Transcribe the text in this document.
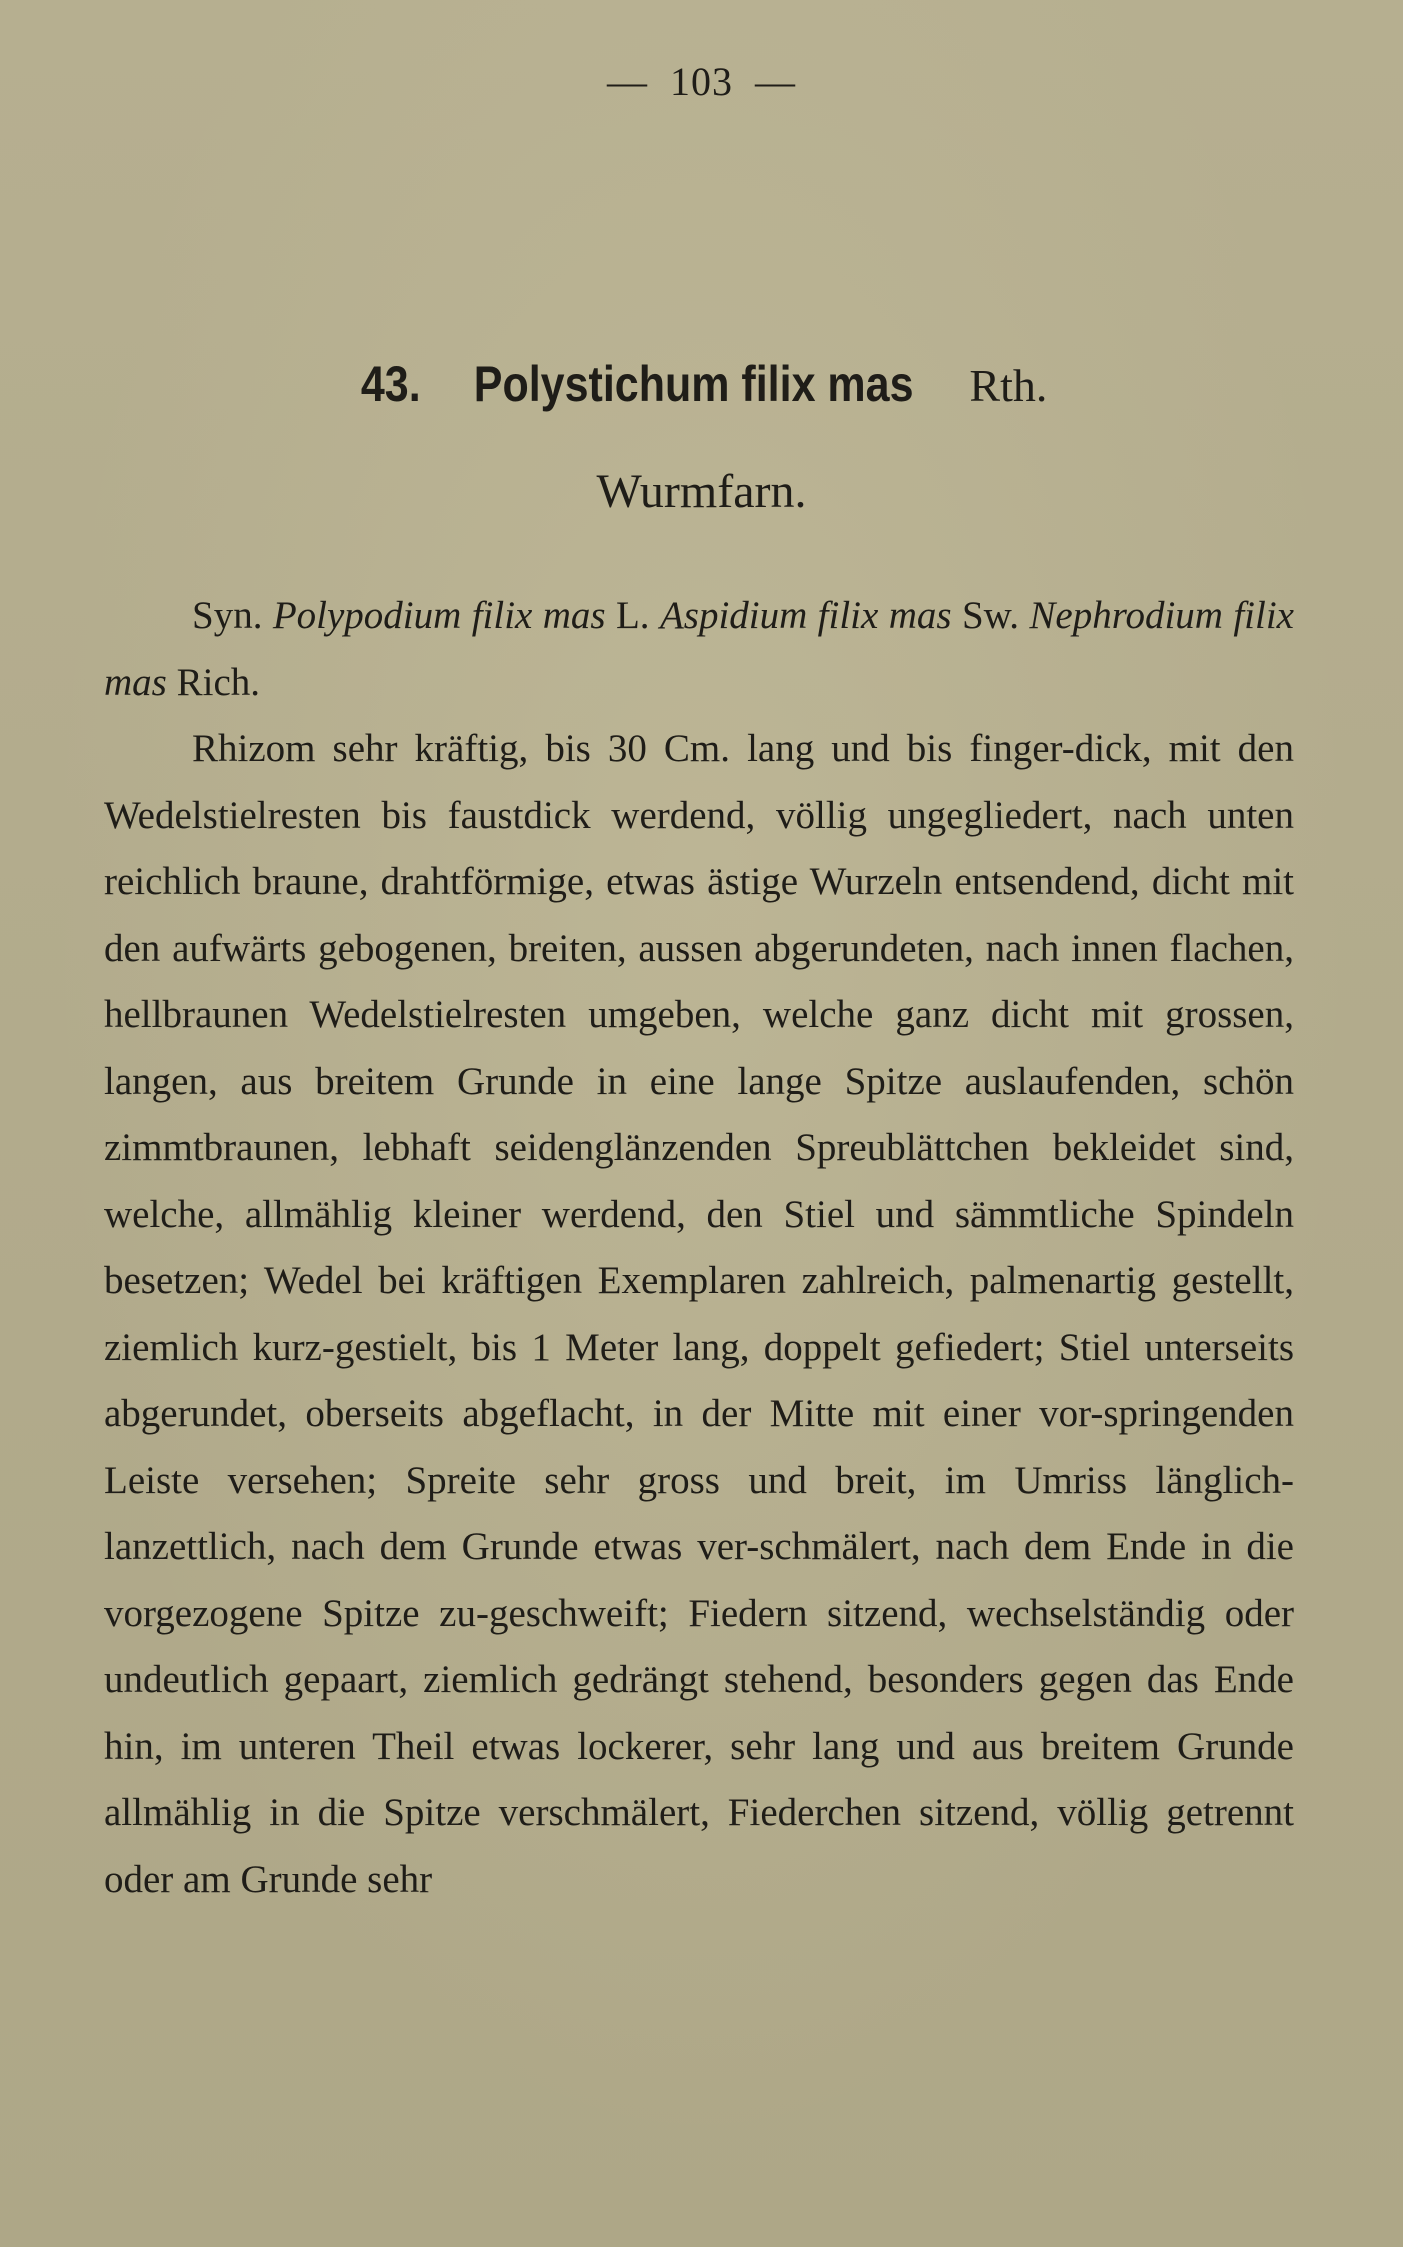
—  103  —
43. Polystichum filix mas Rth.
Wurmfarn.

Syn. Polypodium filix mas L. Aspidium filix mas Sw. Nephrodium filix mas Rich.

Rhizom sehr kräftig, bis 30 Cm. lang und bis finger-dick, mit den Wedelstielresten bis faustdick werdend, völlig ungegliedert, nach unten reichlich braune, drahtförmige, etwas ästige Wurzeln entsendend, dicht mit den aufwärts gebogenen, breiten, aussen abgerundeten, nach innen flachen, hellbraunen Wedelstielresten umgeben, welche ganz dicht mit grossen, langen, aus breitem Grunde in eine lange Spitze auslaufenden, schön zimmtbraunen, lebhaft seidenglänzenden Spreublättchen bekleidet sind, welche, allmählig kleiner werdend, den Stiel und sämmtliche Spindeln besetzen; Wedel bei kräftigen Exemplaren zahlreich, palmenartig gestellt, ziemlich kurz-gestielt, bis 1 Meter lang, doppelt gefiedert; Stiel unterseits abgerundet, oberseits abgeflacht, in der Mitte mit einer vor-springenden Leiste versehen; Spreite sehr gross und breit, im Umriss länglich-lanzettlich, nach dem Grunde etwas ver-schmälert, nach dem Ende in die vorgezogene Spitze zu-geschweift; Fiedern sitzend, wechselständig oder undeutlich gepaart, ziemlich gedrängt stehend, besonders gegen das Ende hin, im unteren Theil etwas lockerer, sehr lang und aus breitem Grunde allmählig in die Spitze verschmälert, Fiederchen sitzend, völlig getrennt oder am Grunde sehr
